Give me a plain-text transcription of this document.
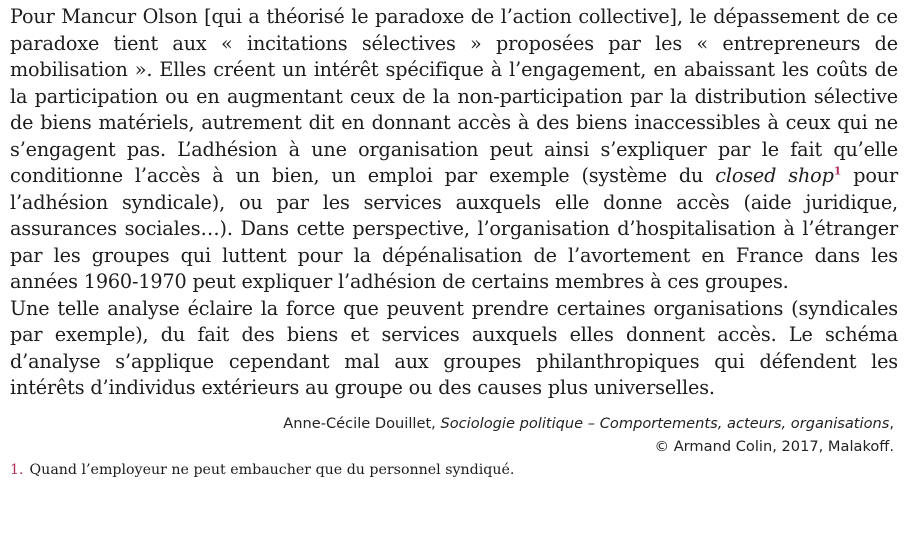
Pour Mancur Olson [qui a théorisé le paradoxe de l’action collective], le dépassement de ce paradoxe tient aux « incitations sélectives » proposées par les « entrepreneurs de mobilisation ». Elles créent un intérêt spécifique à l’engagement, en abaissant les coûts de la participation ou en augmentant ceux de la non-participation par la distribution sélective de biens matériels, autrement dit en donnant accès à des biens inaccessibles à ceux qui ne s’engagent pas. L’adhésion à une organisation peut ainsi s’expliquer par le fait qu’elle conditionne l’accès à un bien, un emploi par exemple (système du closed shop$^1$ pour l’adhésion syndicale), ou par les services auxquels elle donne accès (aide juridique, assurances sociales…). Dans cette perspective, l’organisation d’hospitalisation à l’étranger par les groupes qui luttent pour la dépénalisation de l’avortement en France dans les années 1960-1970 peut expliquer l’adhésion de certains membres à ces groupes.

Une telle analyse éclaire la force que peuvent prendre certaines organisations (syndicales par exemple), du fait des biens et services auxquels elles donnent accès. Le schéma d’analyse s’applique cependant mal aux groupes philanthropiques qui défendent les intérêts d’individus extérieurs au groupe ou des causes plus universelles.

Anne-Cécile Douillet, Sociologie politique – Comportements, acteurs, organisations,
© Armand Colin, 2017, Malakoff.
1. Quand l’employeur ne peut embaucher que du personnel syndiqué.
